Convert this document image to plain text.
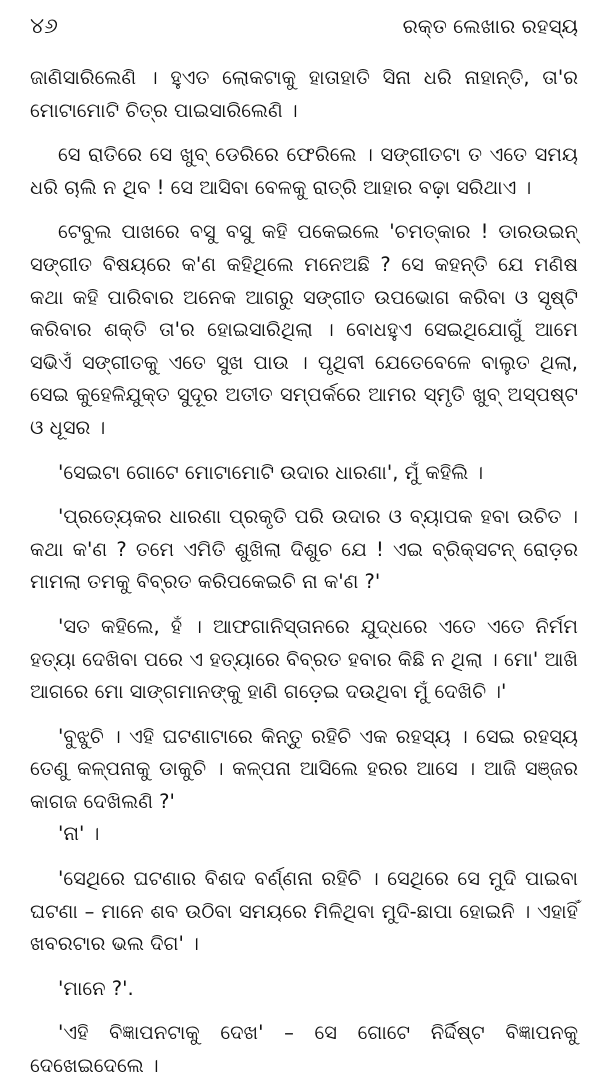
୪୬	ରକ୍ତ ଲେଖାର ରହସ୍ୟ

ଜାଣିସାରିଲେଣି । ହୁଏତ ଲୋକଟାକୁ ହାତାହାତି ସିନା ଧରି ନାହାନ୍ତି, ତା'ର ମୋଟାମୋଟି ଚିତ୍ର ପାଇସାରିଲେଣି ।

ସେ ରାତିରେ ସେ ଖୁବ୍ ଡେରିରେ ଫେରିଲେ । ସଙ୍ଗୀତଟା ତ ଏତେ ସମୟ ଧରି ଚାଲି ନ ଥିବ ! ସେ ଆସିବା ବେଳକୁ ରାତ୍ରି ଆହାର ବଢ଼ା ସରିଥାଏ ।

ଟେବୁଲ ପାଖରେ ବସୁ ବସୁ କହି ପକେଇଲେ 'ଚମତ୍କାର ! ଡାରଉଇନ୍ ସଙ୍ଗୀତ ବିଷୟରେ କ'ଣ କହିଥିଲେ ମନେଅଛି ? ସେ କହନ୍ତି ଯେ ମଣିଷ କଥା କହି ପାରିବାର ଅନେକ ଆଗରୁ ସଙ୍ଗୀତ ଉପଭୋଗ କରିବା ଓ ସୃଷ୍ଟି କରିବାର ଶକ୍ତି ତା'ର ହୋଇସାରିଥିଲା । ବୋଧହୁଏ ସେଇଥିଯୋଗୁଁ ଆମେ ସଭିଏଁ ସଙ୍ଗୀତକୁ ଏତେ ସୁଖ ପାଉ । ପୃଥିବୀ ଯେତେବେଳେ ବାଲୁତ ଥିଲା, ସେଇ କୁହେଳିଯୁକ୍ତ ସୁଦୂର ଅତୀତ ସମ୍ପର୍କରେ ଆମର ସ୍ମୃତି ଖୁବ୍ ଅସ୍ପଷ୍ଟ ଓ ଧୂସର ।

'ସେଇଟା ଗୋଟେ ମୋଟାମୋଟି ଉଦାର ଧାରଣା', ମୁଁ କହିଲି ।

'ପ୍ରତ୍ୟେକର ଧାରଣା ପ୍ରକୃତି ପରି ଉଦାର ଓ ବ୍ୟାପକ ହବା ଉଚିତ । କଥା କ'ଣ ? ତମେ ଏମିତି ଶୁଖିଲା ଦିଶୁଚ ଯେ ! ଏଇ ବ୍ରିକ୍‌ସଟନ୍ ରୋଡ଼ର ମାମଲା ତମକୁ ବିବ୍ରତ କରିପକେଇଚି ନା କ'ଣ ?'

'ସତ କହିଲେ, ହଁ । ଆଫଗାନିସ୍ତାନରେ ଯୁଦ୍ଧରେ ଏତେ ଏତେ ନିର୍ମମ ହତ୍ୟା ଦେଖିବା ପରେ ଏ ହତ୍ୟାରେ ବିବ୍ରତ ହବାର କିଛି ନ ଥିଲା । ମୋ' ଆଖି ଆଗରେ ମୋ ସାଙ୍ଗମାନଙ୍କୁ ହାଣି ଗଡ଼େଇ ଦଉଥିବା ମୁଁ ଦେଖିଚି ।'

'ବୁଝୁଚି । ଏହି ଘଟଣାଟାରେ କିନ୍ତୁ ରହିଚି ଏକ ରହସ୍ୟ । ସେଇ ରହସ୍ୟ ତେଣୁ କଳ୍ପନାକୁ ଡାକୁଚି । କଳ୍ପନା ଆସିଲେ ହରର ଆସେ । ଆଜି ସଞ୍ଜର କାଗଜ ଦେଖିଲଣି ?'

'ନା' ।

'ସେଥିରେ ଘଟଣାର ବିଶଦ ବର୍ଣ୍ଣନା ରହିଚି । ସେଥିରେ ସେ ମୁଦି ପାଇବା ଘଟଣା – ମାନେ ଶବ ଉଠିବା ସମୟରେ ମିଳିଥିବା ମୁଦି-ଛାପା ହୋଇନି । ଏହାହିଁ ଖବରଟାର ଭଲ ଦିଗ' ।

'ମାନେ ?'.

'ଏହି ବିଜ୍ଞାପନଟାକୁ ଦେଖ' – ସେ ଗୋଟେ ନିର୍ଦ୍ଦିଷ୍ଟ ବିଜ୍ଞାପନକୁ ଦେଖେଇଦେଲେ ।
